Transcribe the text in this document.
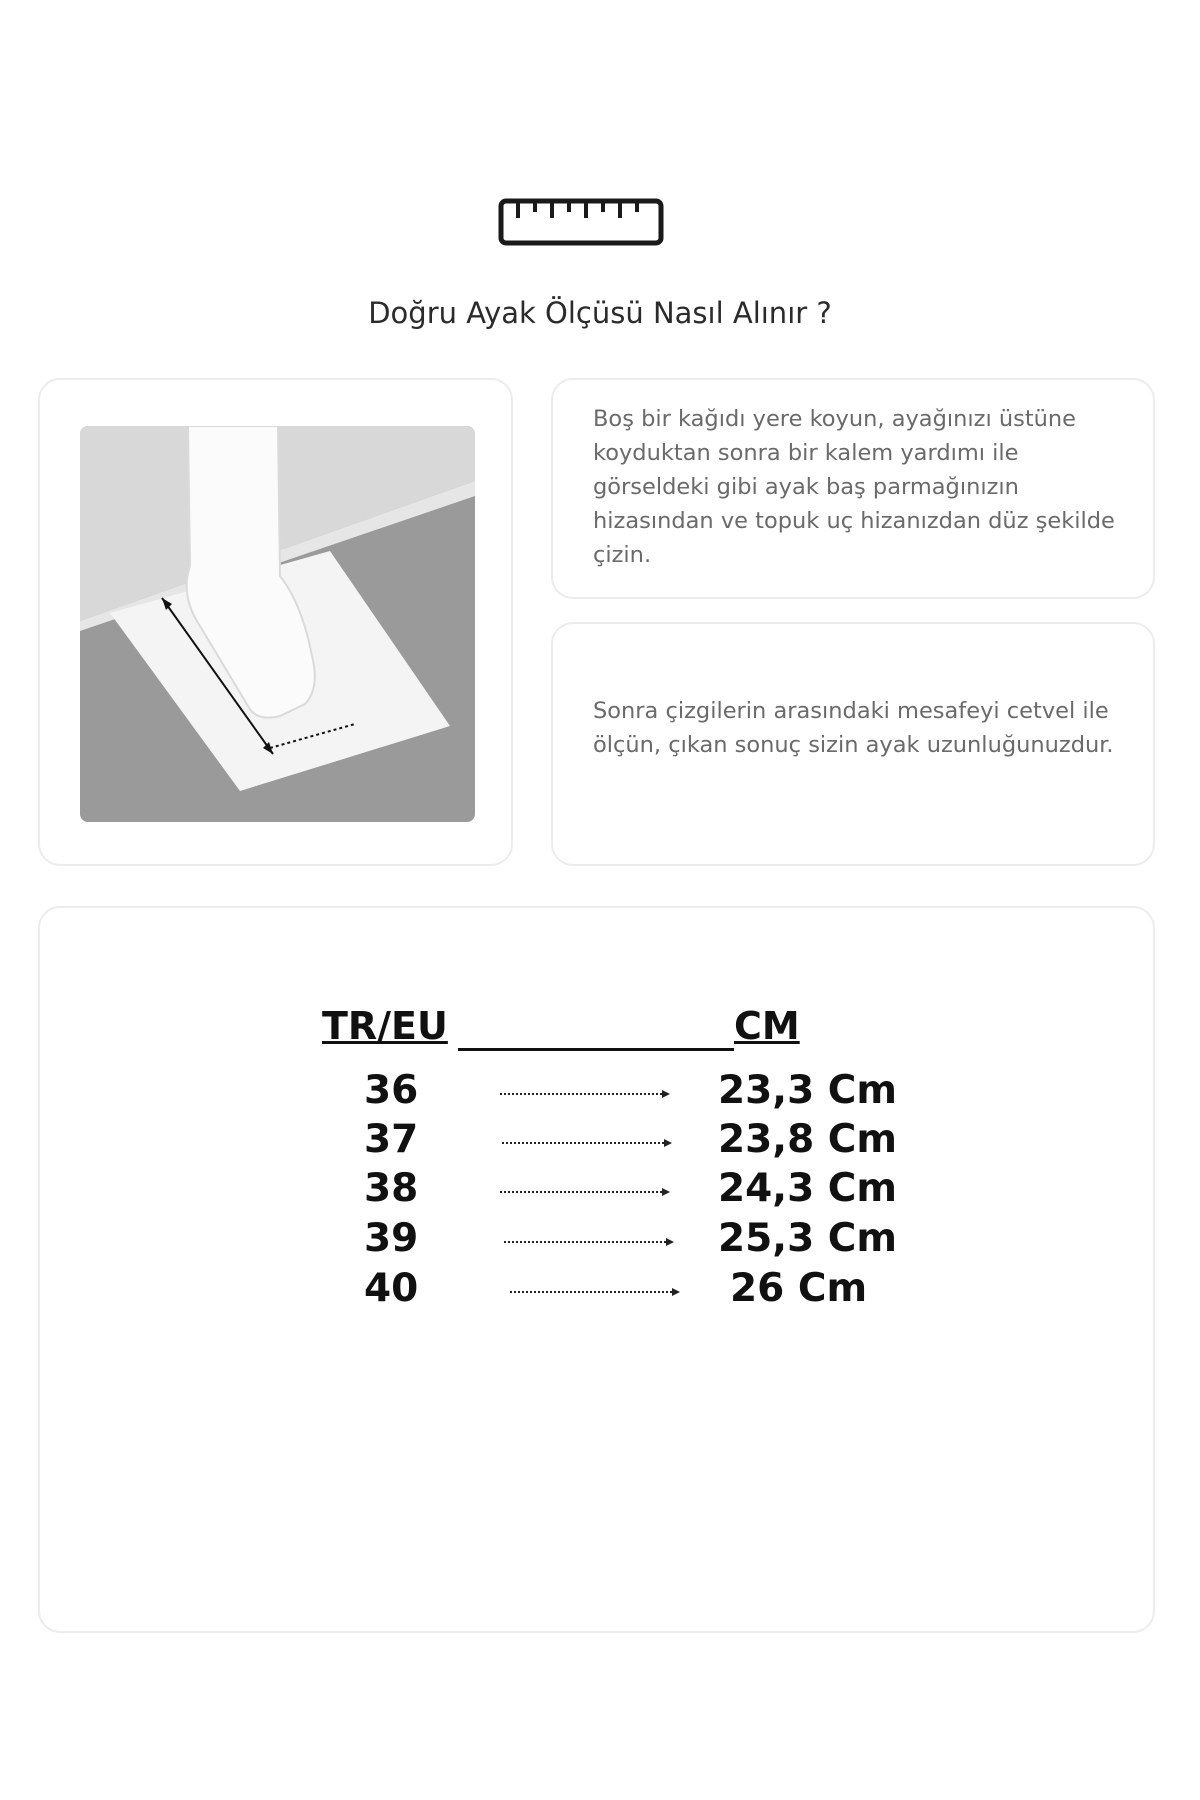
Doğru Ayak Ölçüsü Nasıl Alınır ?
Boş bir kağıdı yere koyun, ayağınızı üstüne koyduktan sonra bir kalem yardımı ile görseldeki gibi ayak baş parmağınızın hizasından ve topuk uç hizanızdan düz şekilde çizin.
Sonra çizgilerin arasındaki mesafeyi cetvel ile ölçün, çıkan sonuç sizin ayak uzunluğunuzdur.
TR/EU	CM
36	23,3 Cm
37	23,8 Cm
38	24,3 Cm
39	25,3 Cm
40	26 Cm
